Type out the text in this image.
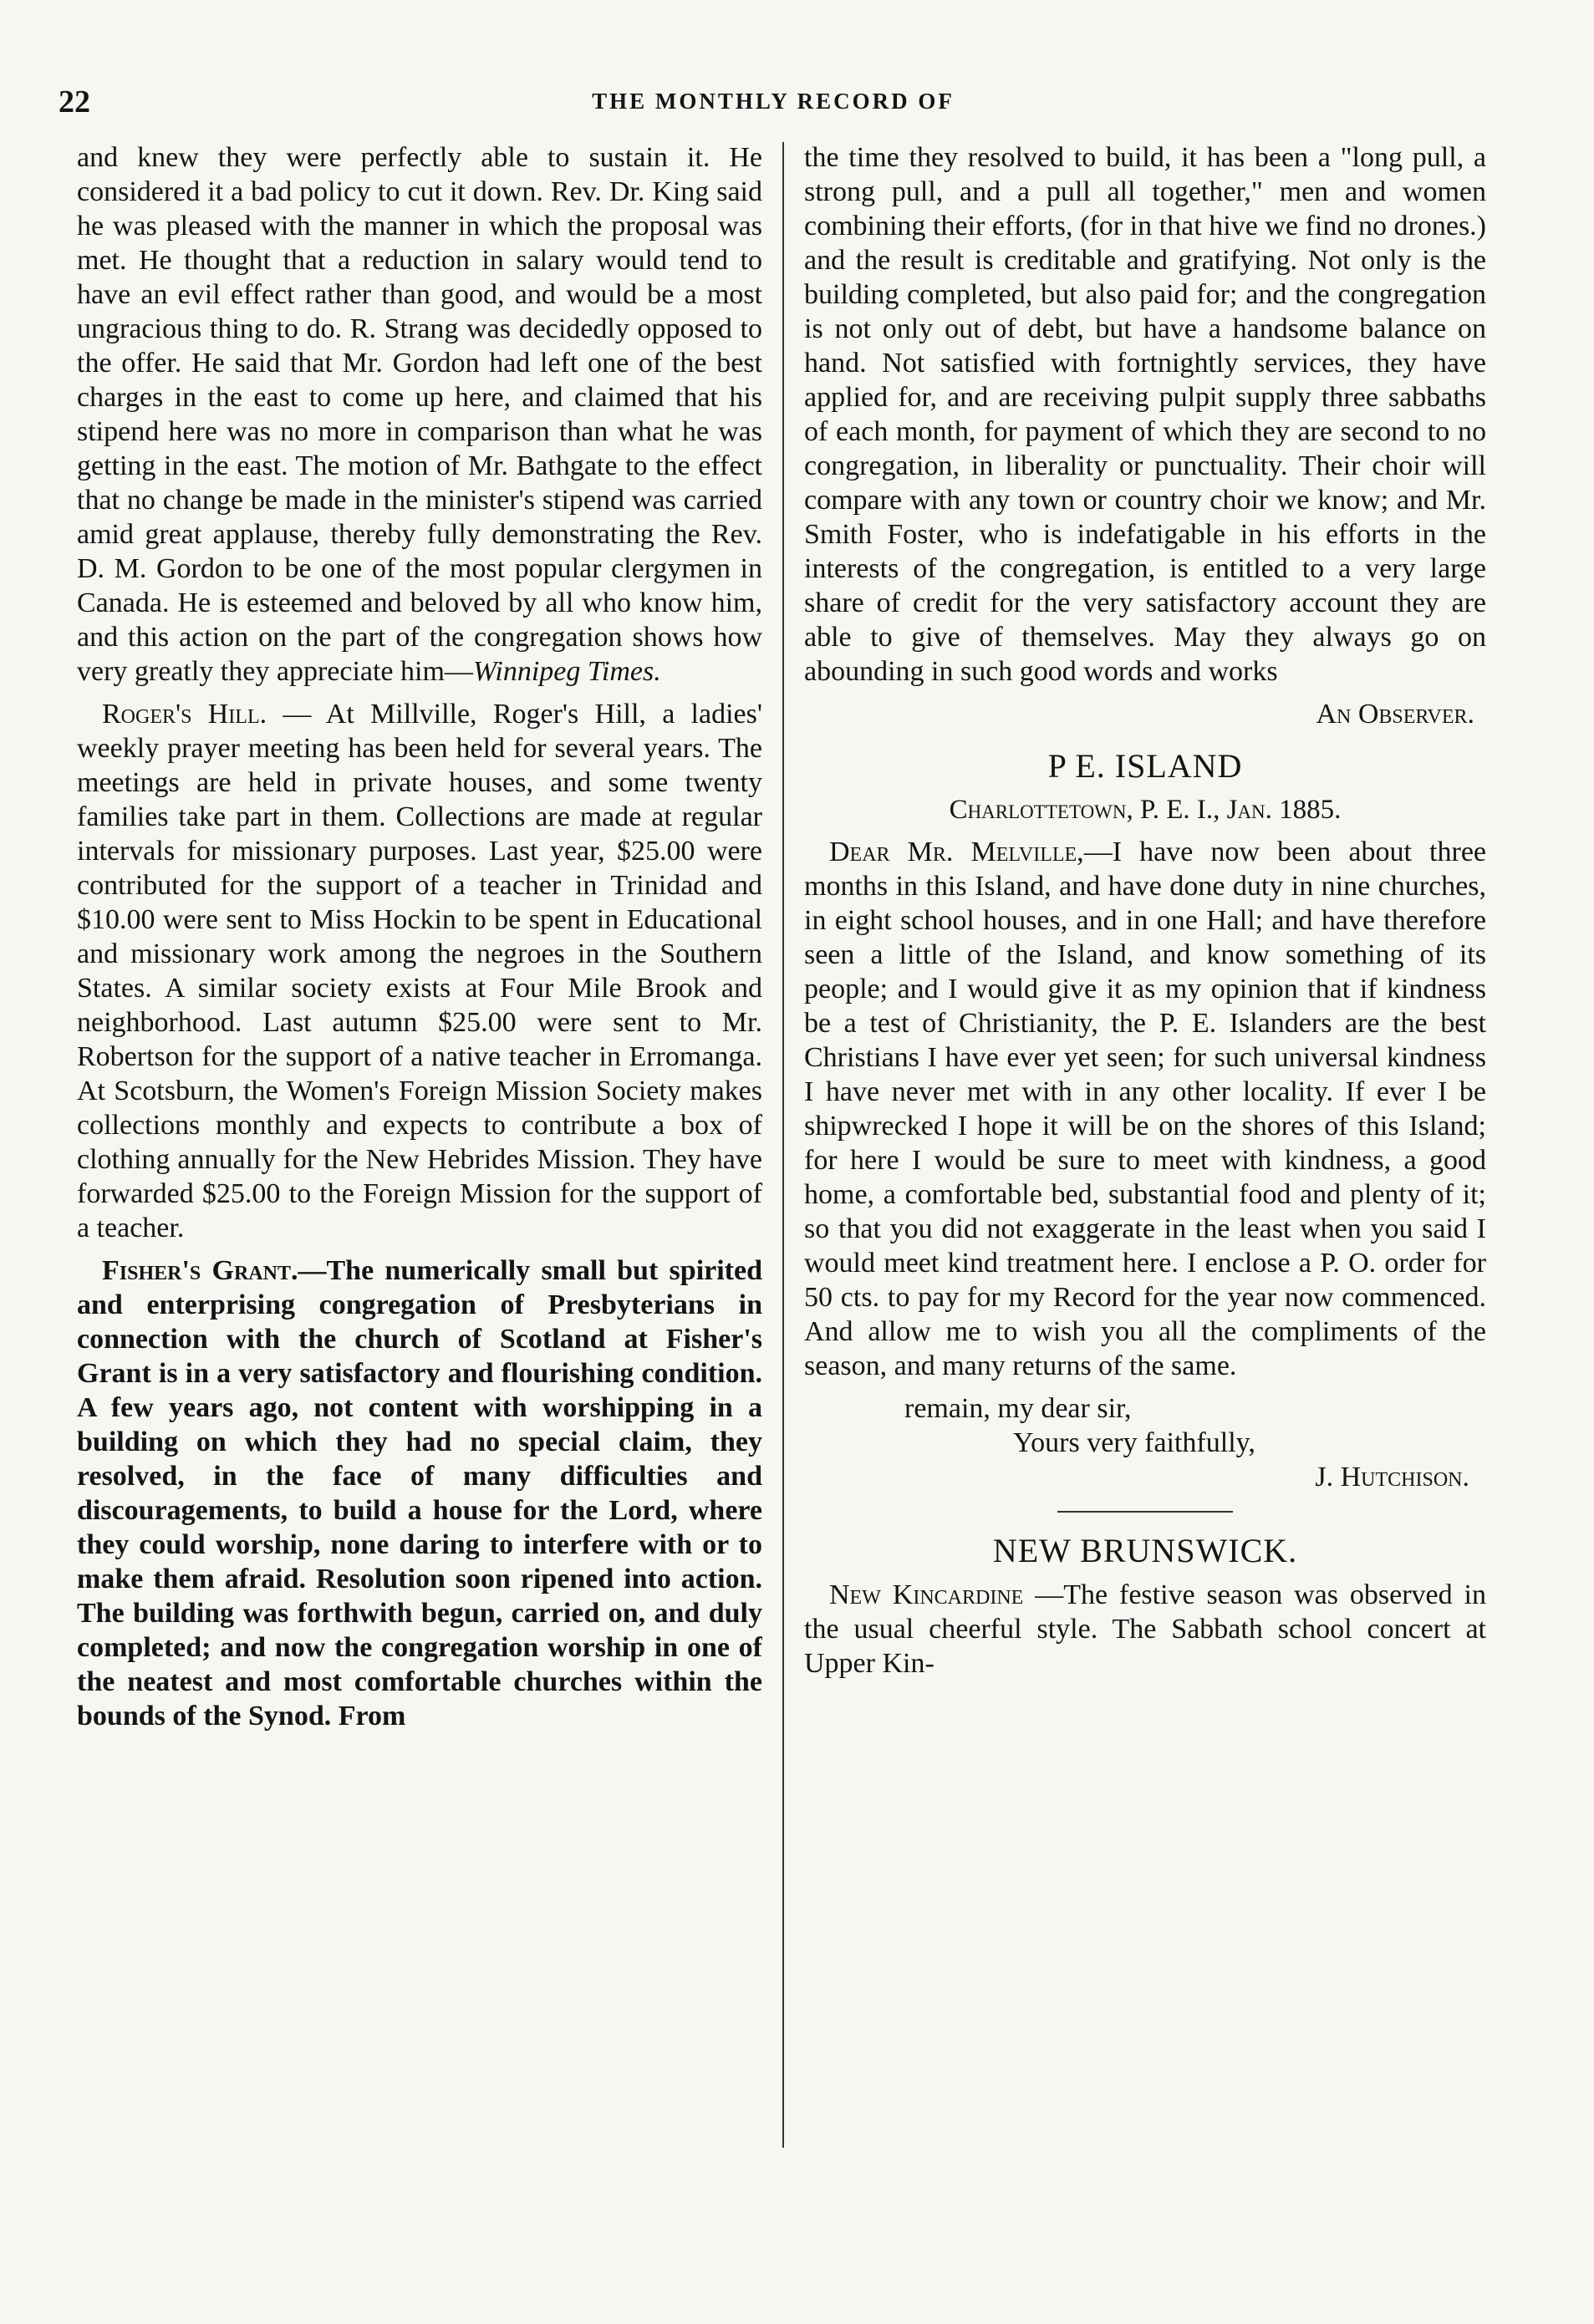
22	THE MONTHLY RECORD OF

and knew they were perfectly able to sustain it. He considered it a bad policy to cut it down. Rev. Dr. King said he was pleased with the manner in which the proposal was met. He thought that a reduction in salary would tend to have an evil effect rather than good, and would be a most ungracious thing to do. R. Strang was decidedly opposed to the offer. He said that Mr. Gordon had left one of the best charges in the east to come up here, and claimed that his stipend here was no more in comparison than what he was getting in the east. The motion of Mr. Bathgate to the effect that no change be made in the minister's stipend was carried amid great applause, thereby fully demonstrating the Rev. D. M. Gordon to be one of the most popular clergymen in Canada. He is esteemed and beloved by all who know him, and this action on the part of the congregation shows how very greatly they appreciate him—Winnipeg Times.

Roger's Hill. — At Millville, Roger's Hill, a ladies' weekly prayer meeting has been held for several years. The meetings are held in private houses, and some twenty families take part in them. Collections are made at regular intervals for missionary purposes. Last year, $25.00 were contributed for the support of a teacher in Trinidad and $10.00 were sent to Miss Hockin to be spent in Educational and missionary work among the negroes in the Southern States. A similar society exists at Four Mile Brook and neighborhood. Last autumn $25.00 were sent to Mr. Robertson for the support of a native teacher in Erromanga. At Scotsburn, the Women's Foreign Mission Society makes collections monthly and expects to contribute a box of clothing annually for the New Hebrides Mission. They have forwarded $25.00 to the Foreign Mission for the support of a teacher.

Fisher's Grant.—The numerically small but spirited and enterprising congregation of Presbyterians in connection with the church of Scotland at Fisher's Grant is in a very satisfactory and flourishing condition. A few years ago, not content with worshipping in a building on which they had no special claim, they resolved, in the face of many difficulties and discouragements, to build a house for the Lord, where they could worship, none daring to interfere with or to make them afraid. Resolution soon ripened into action. The building was forthwith begun, carried on, and duly completed; and now the congregation worship in one of the neatest and most comfortable churches within the bounds of the Synod. From

the time they resolved to build, it has been a "long pull, a strong pull, and a pull all together," men and women combining their efforts, (for in that hive we find no drones.) and the result is creditable and gratifying. Not only is the building completed, but also paid for; and the congregation is not only out of debt, but have a handsome balance on hand. Not satisfied with fortnightly services, they have applied for, and are receiving pulpit supply three sabbaths of each month, for payment of which they are second to no congregation, in liberality or punctuality. Their choir will compare with any town or country choir we know; and Mr. Smith Foster, who is indefatigable in his efforts in the interests of the congregation, is entitled to a very large share of credit for the very satisfactory account they are able to give of themselves. May they always go on abounding in such good words and works

An Observer.
P E. ISLAND
Charlottetown, P. E. I., Jan. 1885.

Dear Mr. Melville,—I have now been about three months in this Island, and have done duty in nine churches, in eight school houses, and in one Hall; and have therefore seen a little of the Island, and know something of its people; and I would give it as my opinion that if kindness be a test of Christianity, the P. E. Islanders are the best Christians I have ever yet seen; for such universal kindness I have never met with in any other locality. If ever I be shipwrecked I hope it will be on the shores of this Island; for here I would be sure to meet with kindness, a good home, a comfortable bed, substantial food and plenty of it; so that you did not exaggerate in the least when you said I would meet kind treatment here. I enclose a P. O. order for 50 cts. to pay for my Record for the year now commenced. And allow me to wish you all the compliments of the season, and many returns of the same.

remain, my dear sir,

Yours very faithfully,

J. Hutchison.

NEW BRUNSWICK.

New Kincardine —The festive season was observed in the usual cheerful style. The Sabbath school concert at Upper Kin-
